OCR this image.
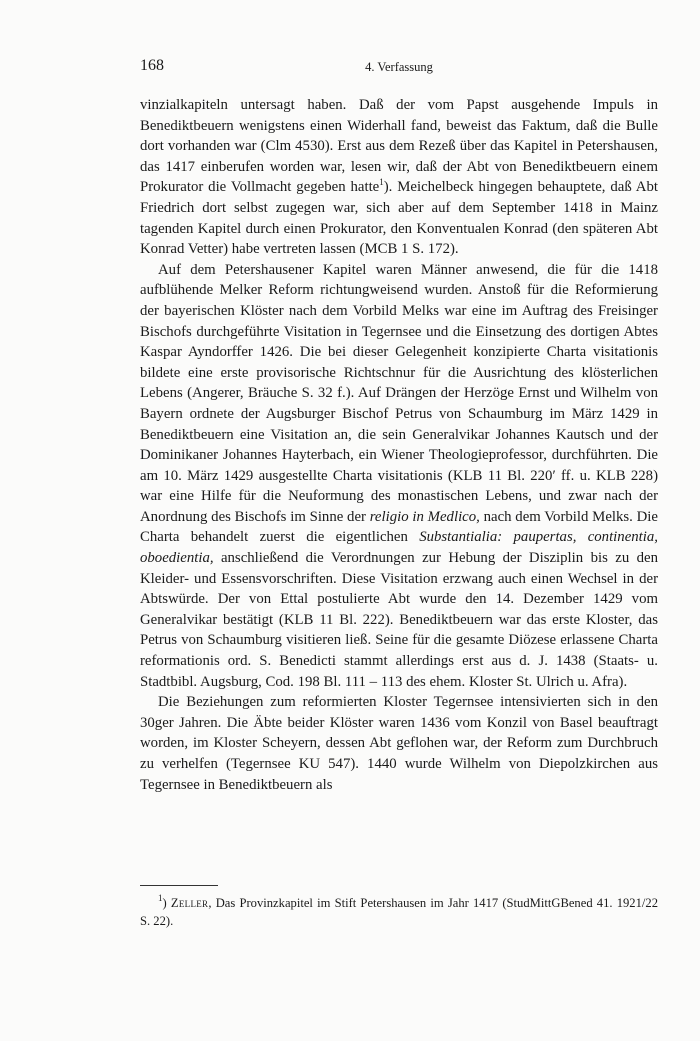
168	4. Verfassung

vinzialkapiteln untersagt haben. Daß der vom Papst ausgehende Impuls in Benediktbeuern wenigstens einen Widerhall fand, beweist das Faktum, daß die Bulle dort vorhanden war (Clm 4530). Erst aus dem Rezeß über das Kapitel in Petershausen, das 1417 einberufen worden war, lesen wir, daß der Abt von Benediktbeuern einem Prokurator die Vollmacht gegeben hatte$^1$). Meichelbeck hingegen behauptete, daß Abt Friedrich dort selbst zugegen war, sich aber auf dem September 1418 in Mainz tagenden Kapitel durch einen Prokurator, den Konventualen Konrad (den späteren Abt Konrad Vetter) habe vertreten lassen (MCB 1 S. 172).

Auf dem Petershausener Kapitel waren Männer anwesend, die für die 1418 aufblühende Melker Reform richtungweisend wurden. Anstoß für die Reformierung der bayerischen Klöster nach dem Vorbild Melks war eine im Auftrag des Freisinger Bischofs durchgeführte Visitation in Tegernsee und die Einsetzung des dortigen Abtes Kaspar Ayndorffer 1426. Die bei dieser Gelegenheit konzipierte Charta visitationis bildete eine erste provisorische Richtschnur für die Ausrichtung des klösterlichen Lebens (Angerer, Bräuche S. 32 f.). Auf Drängen der Herzöge Ernst und Wilhelm von Bayern ordnete der Augsburger Bischof Petrus von Schaumburg im März 1429 in Benediktbeuern eine Visitation an, die sein Generalvikar Johannes Kautsch und der Dominikaner Johannes Hayterbach, ein Wiener Theologieprofessor, durchführten. Die am 10. März 1429 ausgestellte Charta visitationis (KLB 11 Bl. 220′ ff. u. KLB 228) war eine Hilfe für die Neuformung des monastischen Lebens, und zwar nach der Anordnung des Bischofs im Sinne der religio in Medlico, nach dem Vorbild Melks. Die Charta behandelt zuerst die eigentlichen Substantialia: paupertas, continentia, oboedientia, anschließend die Verordnungen zur Hebung der Disziplin bis zu den Kleider- und Essensvorschriften. Diese Visitation erzwang auch einen Wechsel in der Abtswürde. Der von Ettal postulierte Abt wurde den 14. Dezember 1429 vom Generalvikar bestätigt (KLB 11 Bl. 222). Benediktbeuern war das erste Kloster, das Petrus von Schaumburg visitieren ließ. Seine für die gesamte Diözese erlassene Charta reformationis ord. S. Benedicti stammt allerdings erst aus d. J. 1438 (Staats- u. Stadtbibl. Augsburg, Cod. 198 Bl. 111 – 113 des ehem. Kloster St. Ulrich u. Afra).

Die Beziehungen zum reformierten Kloster Tegernsee intensivierten sich in den 30ger Jahren. Die Äbte beider Klöster waren 1436 vom Konzil von Basel beauftragt worden, im Kloster Scheyern, dessen Abt geflohen war, der Reform zum Durchbruch zu verhelfen (Tegernsee KU 547). 1440 wurde Wilhelm von Diepolzkirchen aus Tegernsee in Benediktbeuern als

$^1$) Zeller, Das Provinzkapitel im Stift Petershausen im Jahr 1417 (StudMittGBened 41. 1921/22 S. 22).
